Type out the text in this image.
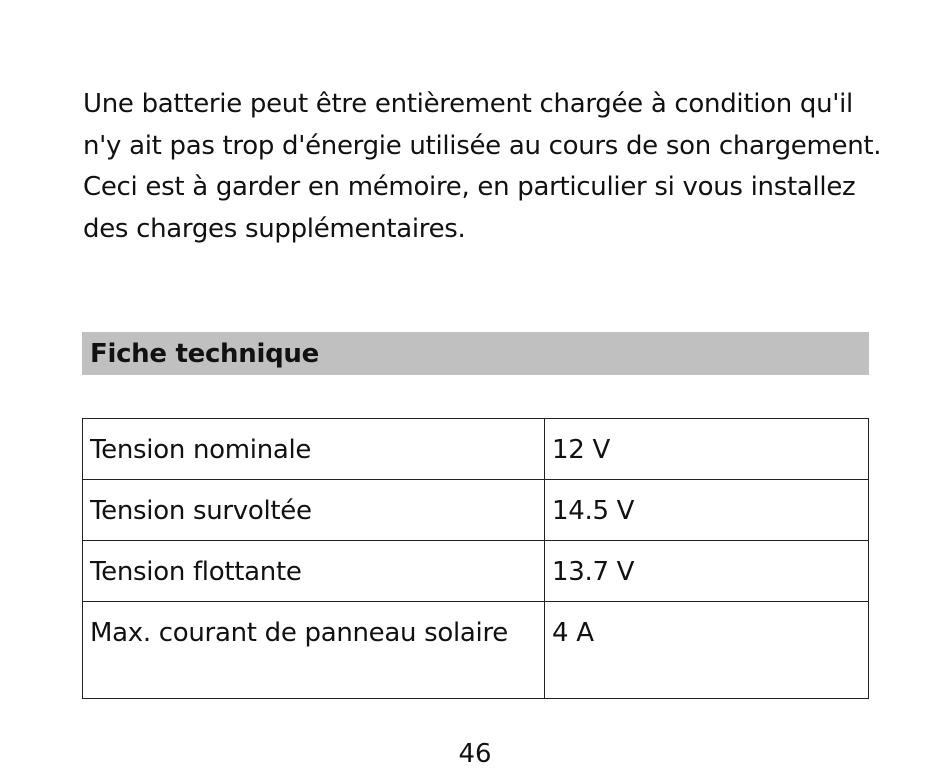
Une batterie peut être entièrement chargée à condition qu'il n'y ait pas trop d'énergie utilisée au cours de son chargement. Ceci est à garder en mémoire, en particulier si vous installez des charges supplémentaires.

Fiche technique
Tension nominale	12 V
Tension survoltée	14.5 V
Tension flottante	13.7 V
Max. courant de panneau solaire	4 A
46
